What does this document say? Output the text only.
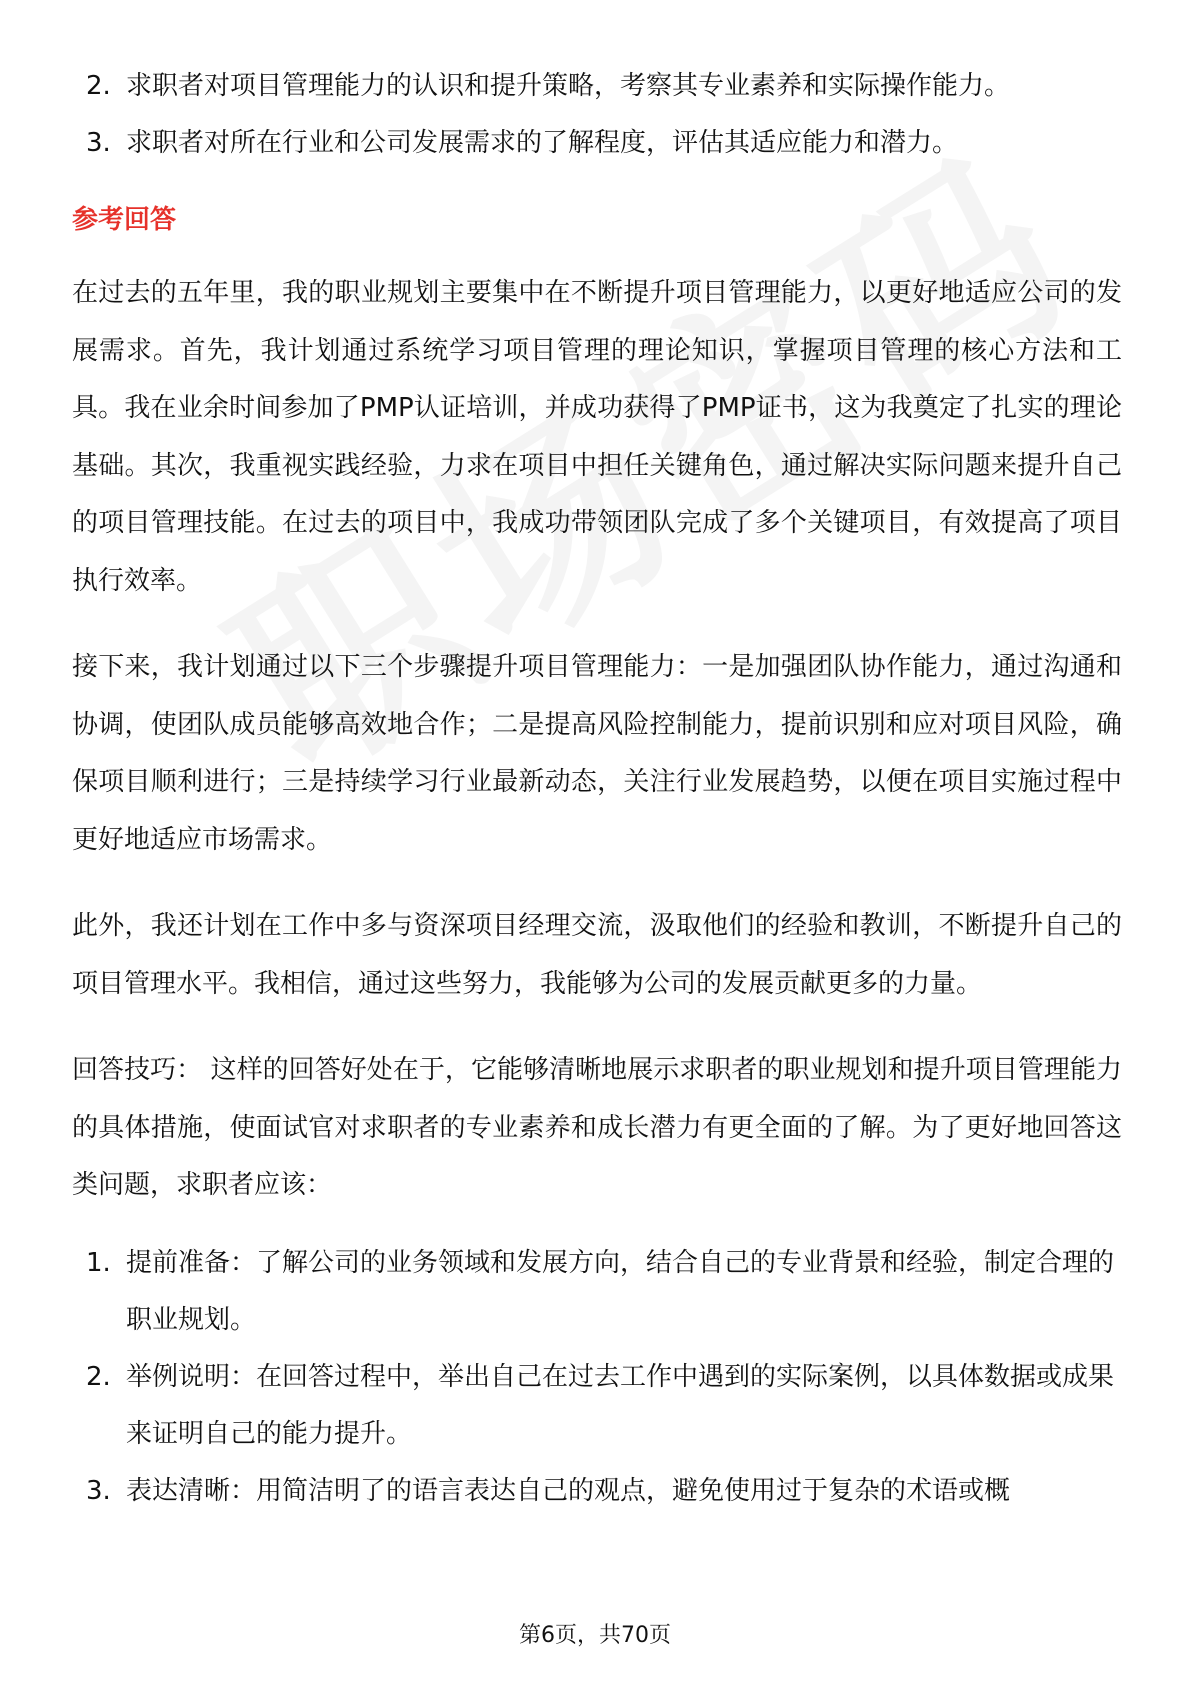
2. 求职者对项目管理能力的认识和提升策略，考察其专业素养和实际操作能力。
3. 求职者对所在行业和公司发展需求的了解程度，评估其适应能力和潜力。
参考回答

在过去的五年里，我的职业规划主要集中在不断提升项目管理能力，以更好地适应公司的发展需求。首先，我计划通过系统学习项目管理的理论知识，掌握项目管理的核心方法和工具。我在业余时间参加了PMP认证培训，并成功获得了PMP证书，这为我奠定了扎实的理论基础。其次，我重视实践经验，力求在项目中担任关键角色，通过解决实际问题来提升自己的项目管理技能。在过去的项目中，我成功带领团队完成了多个关键项目，有效提高了项目执行效率。

接下来，我计划通过以下三个步骤提升项目管理能力：一是加强团队协作能力，通过沟通和协调，使团队成员能够高效地合作；二是提高风险控制能力，提前识别和应对项目风险，确保项目顺利进行；三是持续学习行业最新动态，关注行业发展趋势，以便在项目实施过程中更好地适应市场需求。

此外，我还计划在工作中多与资深项目经理交流，汲取他们的经验和教训，不断提升自己的项目管理水平。我相信，通过这些努力，我能够为公司的发展贡献更多的力量。

回答技巧： 这样的回答好处在于，它能够清晰地展示求职者的职业规划和提升项目管理能力的具体措施，使面试官对求职者的专业素养和成长潜力有更全面的了解。为了更好地回答这类问题，求职者应该：

1. 提前准备：了解公司的业务领域和发展方向，结合自己的专业背景和经验，制定合理的职业规划。
2. 举例说明：在回答过程中，举出自己在过去工作中遇到的实际案例，以具体数据或成果来证明自己的能力提升。
3. 表达清晰：用简洁明了的语言表达自己的观点，避免使用过于复杂的术语或概
第6页，共70页
